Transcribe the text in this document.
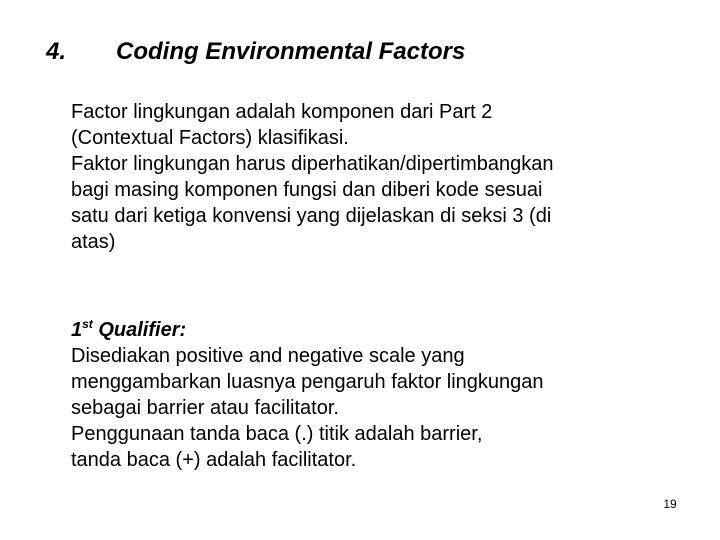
4. Coding Environmental Factors
Factor lingkungan adalah komponen dari Part 2
(Contextual Factors) klasifikasi.
Faktor lingkungan harus diperhatikan/dipertimbangkan
bagi masing komponen fungsi dan diberi kode sesuai
satu dari ketiga konvensi yang dijelaskan di seksi 3 (di
atas)
1st Qualifier:
Disediakan positive and negative scale yang
menggambarkan luasnya pengaruh faktor lingkungan
sebagai barrier atau facilitator.
Penggunaan tanda baca (.) titik adalah barrier,
tanda baca (+) adalah facilitator.
19
